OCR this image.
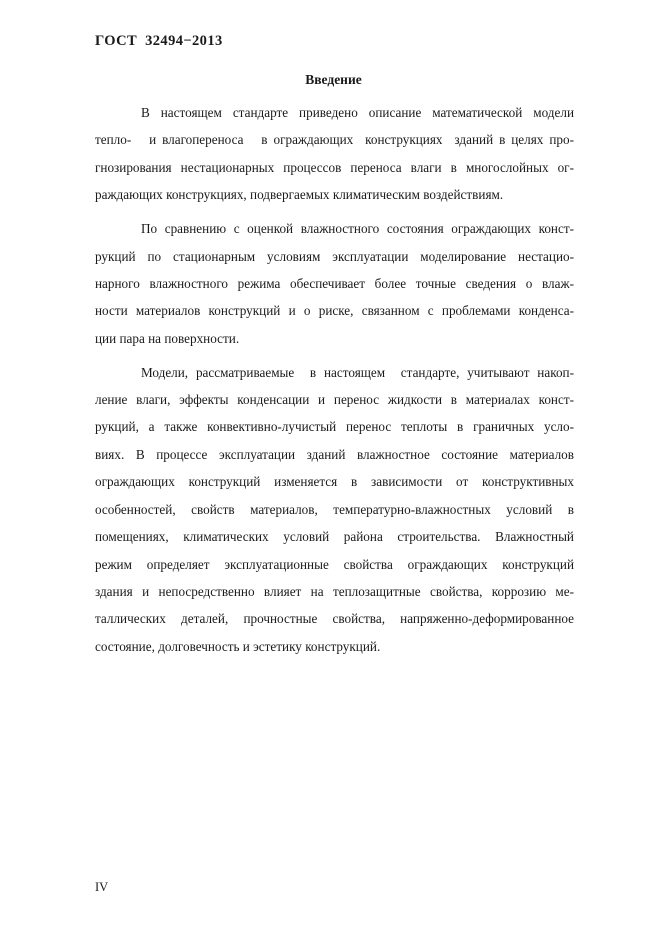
ГОСТ  32494−2013
Введение
В  настоящем  стандарте  приведено  описание  математической  модели
тепло-   и влагопереноса   в ограждающих  конструкциях  зданий в целях про-
гнозирования нестационарных процессов переноса влаги в многослойных ог-
раждающих конструкциях, подвергаемых климатическим воздействиям.
По сравнению с оценкой влажностного состояния ограждающих конст-
рукций  по  стационарным  условиям  эксплуатации  моделирование  нестацио-
нарного влажностного режима обеспечивает более точные сведения о влаж-
ности материалов конструкций и о риске, связанном с проблемами конденса-
ции пара на поверхности.
Модели, рассматриваемые  в настоящем  стандарте, учитывают накоп-
ление влаги, эффекты конденсации и перенос жидкости в материалах конст-
рукций, а также конвективно-лучистый перенос теплоты в граничных усло-
виях. В процессе эксплуатации зданий влажностное состояние материалов
ограждающих  конструкций  изменяется  в  зависимости  от  конструктивных
особенностей,  свойств  материалов,  температурно-влажностных  условий  в
помещениях,  климатических  условий  района  строительства.  Влажностный
режим  определяет  эксплуатационные  свойства  ограждающих  конструкций
здания и непосредственно влияет на теплозащитные свойства, коррозию ме-
таллических  деталей,  прочностные  свойства,  напряженно-деформированное
состояние, долговечность и эстетику конструкций.
IV
